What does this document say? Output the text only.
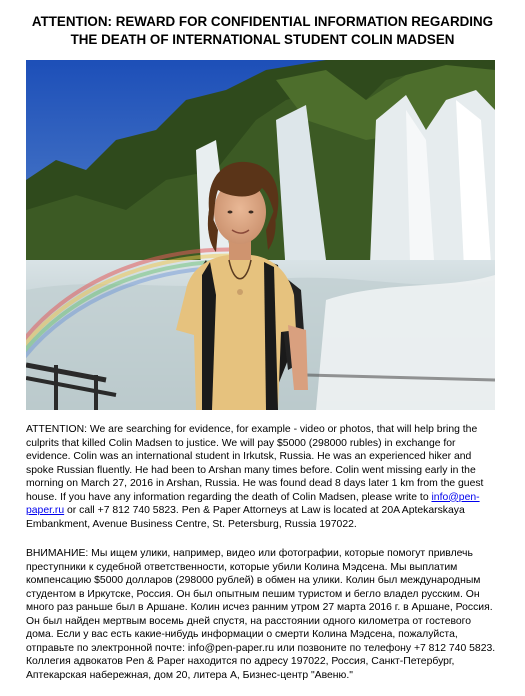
ATTENTION: REWARD FOR CONFIDENTIAL INFORMATION REGARDING THE DEATH OF INTERNATIONAL STUDENT COLIN MADSEN

ATTENTION: We are searching for evidence, for example - video or photos, that will help bring the culprits that killed Colin Madsen to justice. We will pay $5000 (298000 rubles) in exchange for evidence. Colin was an international student in Irkutsk, Russia. He was an experienced hiker and spoke Russian fluently. He had been to Arshan many times before. Colin went missing early in the morning on March 27, 2016 in Arshan, Russia. He was found dead 8 days later 1 km from the guest house. If you have any information regarding the death of Colin Madsen, please write to info@pen-paper.ru or call +7 812 740 5823. Pen & Paper Attorneys at Law is located at 20A Aptekarskaya Embankment, Avenue Business Centre, St. Petersburg, Russia 197022.

ВНИМАНИЕ: Мы ищем улики, например, видео или фотографии, которые помогут привлечь преступники к судебной ответственности, которые убили Колина Мэдсена. Мы выплатим компенсацию $5000 долларов (298000 рублей) в обмен на улики. Колин был международным студентом в Иркутске, Россия. Он был опытным пешим туристом и бегло владел русским. Он много раз раньше был в Аршане. Колин исчез ранним утром 27 марта 2016 г. в Аршане, Россия. Он был найден мертвым восемь дней спустя, на расстоянии одного километра от гостевого дома. Если у вас есть какие-нибудь информации о смерти Колина Мэдсена, пожалуйста, отправьте по электронной почте: info@pen-paper.ru или позвоните по телефону +7 812 740 5823. Коллегия адвокатов Pen & Paper находится по адресу 197022, Россия, Санкт-Петербург, Аптекарская набережная, дом 20, литера А, Бизнес-центр "Авеню."
